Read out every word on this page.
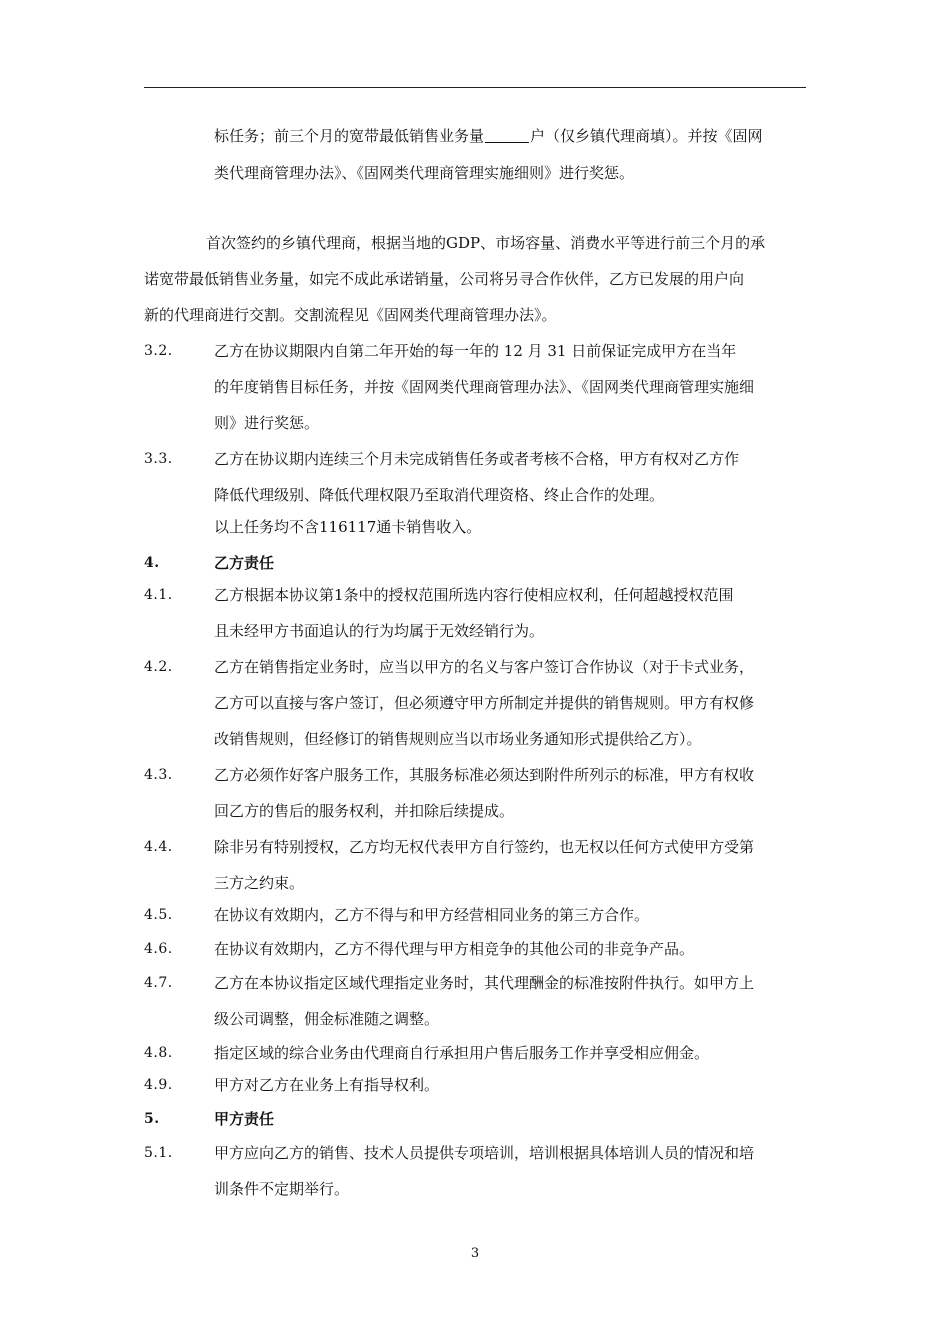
标任务；前三个月的宽带最低销售业务量	户（仅乡镇代理商填）。并按《固网
类代理商管理办法》、《固网类代理商管理实施细则》进行奖惩。
首次签约的乡镇代理商，根据当地的GDP、市场容量、消费水平等进行前三个月的承
诺宽带最低销售业务量，如完不成此承诺销量，公司将另寻合作伙伴，乙方已发展的用户向
新的代理商进行交割。交割流程见《固网类代理商管理办法》。
3.2.	乙方在协议期限内自第二年开始的每一年的 12 月 31 日前保证完成甲方在当年
的年度销售目标任务，并按《固网类代理商管理办法》、《固网类代理商管理实施细
则》进行奖惩。
3.3.	乙方在协议期内连续三个月未完成销售任务或者考核不合格，甲方有权对乙方作
降低代理级别、降低代理权限乃至取消代理资格、终止合作的处理。
以上任务均不含116117通卡销售收入。
4.	乙方责任
4.1.	乙方根据本协议第1条中的授权范围所选内容行使相应权利，任何超越授权范围
且未经甲方书面追认的行为均属于无效经销行为。
4.2.	乙方在销售指定业务时，应当以甲方的名义与客户签订合作协议（对于卡式业务，
乙方可以直接与客户签订，但必须遵守甲方所制定并提供的销售规则。甲方有权修
改销售规则，但经修订的销售规则应当以市场业务通知形式提供给乙方）。
4.3.	乙方必须作好客户服务工作，其服务标准必须达到附件所列示的标准，甲方有权收
回乙方的售后的服务权利，并扣除后续提成。
4.4.	除非另有特别授权，乙方均无权代表甲方自行签约，也无权以任何方式使甲方受第
三方之约束。
4.5.	在协议有效期内，乙方不得与和甲方经营相同业务的第三方合作。
4.6.	在协议有效期内，乙方不得代理与甲方相竞争的其他公司的非竞争产品。
4.7.	乙方在本协议指定区域代理指定业务时，其代理酬金的标准按附件执行。如甲方上
级公司调整，佣金标准随之调整。
4.8.	指定区域的综合业务由代理商自行承担用户售后服务工作并享受相应佣金。
4.9.	甲方对乙方在业务上有指导权利。
5.	甲方责任
5.1.	甲方应向乙方的销售、技术人员提供专项培训，培训根据具体培训人员的情况和培
训条件不定期举行。
3
